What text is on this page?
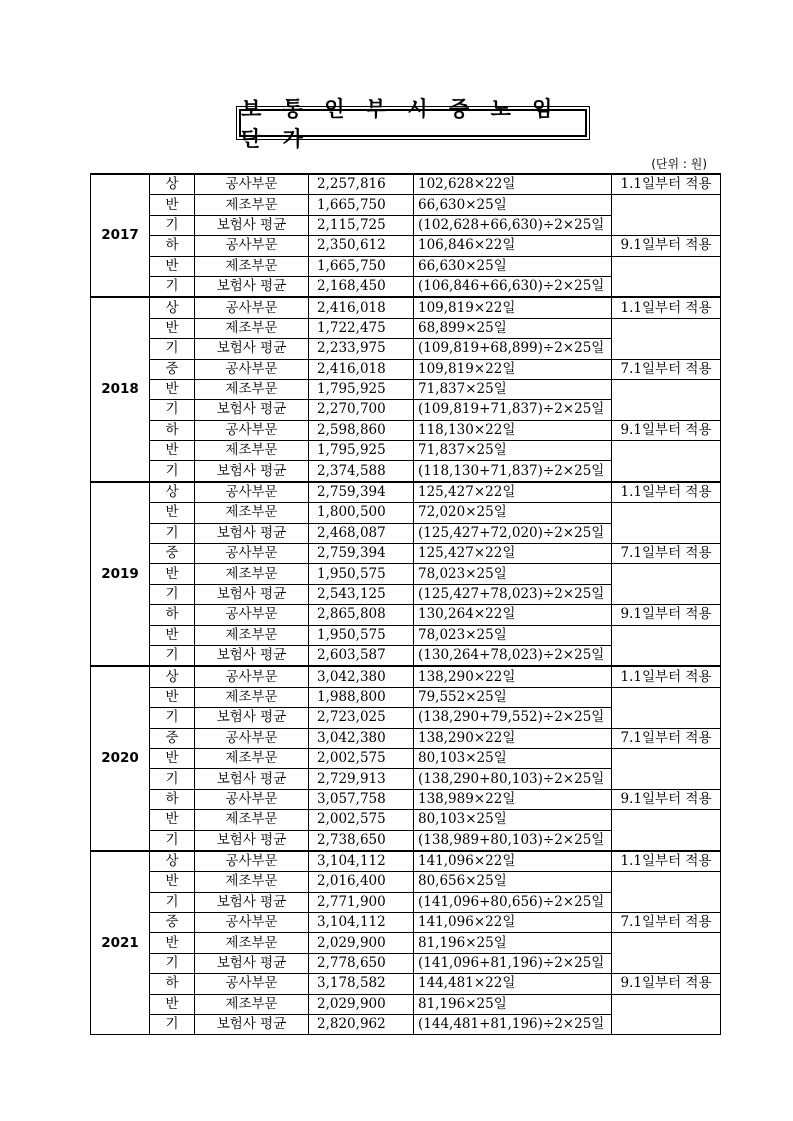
보 통 인 부 시 중 노 임 단 가
(단위 : 원)
2017	상	공사부문	2,257,816	102,628×22일	1.1일부터 적용
	반	제조부문	1,665,750	66,630×25일	
	기	보험사 평균	2,115,725	(102,628+66,630)÷2×25일	
	하	공사부문	2,350,612	106,846×22일	9.1일부터 적용
	반	제조부문	1,665,750	66,630×25일	
	기	보험사 평균	2,168,450	(106,846+66,630)÷2×25일	
2018	상	공사부문	2,416,018	109,819×22일	1.1일부터 적용
	반	제조부문	1,722,475	68,899×25일	
	기	보험사 평균	2,233,975	(109,819+68,899)÷2×25일	
	중	공사부문	2,416,018	109,819×22일	7.1일부터 적용
	반	제조부문	1,795,925	71,837×25일	
	기	보험사 평균	2,270,700	(109,819+71,837)÷2×25일	
	하	공사부문	2,598,860	118,130×22일	9.1일부터 적용
	반	제조부문	1,795,925	71,837×25일	
	기	보험사 평균	2,374,588	(118,130+71,837)÷2×25일	
2019	상	공사부문	2,759,394	125,427×22일	1.1일부터 적용
	반	제조부문	1,800,500	72,020×25일	
	기	보험사 평균	2,468,087	(125,427+72,020)÷2×25일	
	중	공사부문	2,759,394	125,427×22일	7.1일부터 적용
	반	제조부문	1,950,575	78,023×25일	
	기	보험사 평균	2,543,125	(125,427+78,023)÷2×25일	
	하	공사부문	2,865,808	130,264×22일	9.1일부터 적용
	반	제조부문	1,950,575	78,023×25일	
	기	보험사 평균	2,603,587	(130,264+78,023)÷2×25일	
2020	상	공사부문	3,042,380	138,290×22일	1.1일부터 적용
	반	제조부문	1,988,800	79,552×25일	
	기	보험사 평균	2,723,025	(138,290+79,552)÷2×25일	
	중	공사부문	3,042,380	138,290×22일	7.1일부터 적용
	반	제조부문	2,002,575	80,103×25일	
	기	보험사 평균	2,729,913	(138,290+80,103)÷2×25일	
	하	공사부문	3,057,758	138,989×22일	9.1일부터 적용
	반	제조부문	2,002,575	80,103×25일	
	기	보험사 평균	2,738,650	(138,989+80,103)÷2×25일	
2021	상	공사부문	3,104,112	141,096×22일	1.1일부터 적용
	반	제조부문	2,016,400	80,656×25일	
	기	보험사 평균	2,771,900	(141,096+80,656)÷2×25일	
	중	공사부문	3,104,112	141,096×22일	7.1일부터 적용
	반	제조부문	2,029,900	81,196×25일	
	기	보험사 평균	2,778,650	(141,096+81,196)÷2×25일	
	하	공사부문	3,178,582	144,481×22일	9.1일부터 적용
	반	제조부문	2,029,900	81,196×25일	
	기	보험사 평균	2,820,962	(144,481+81,196)÷2×25일	
